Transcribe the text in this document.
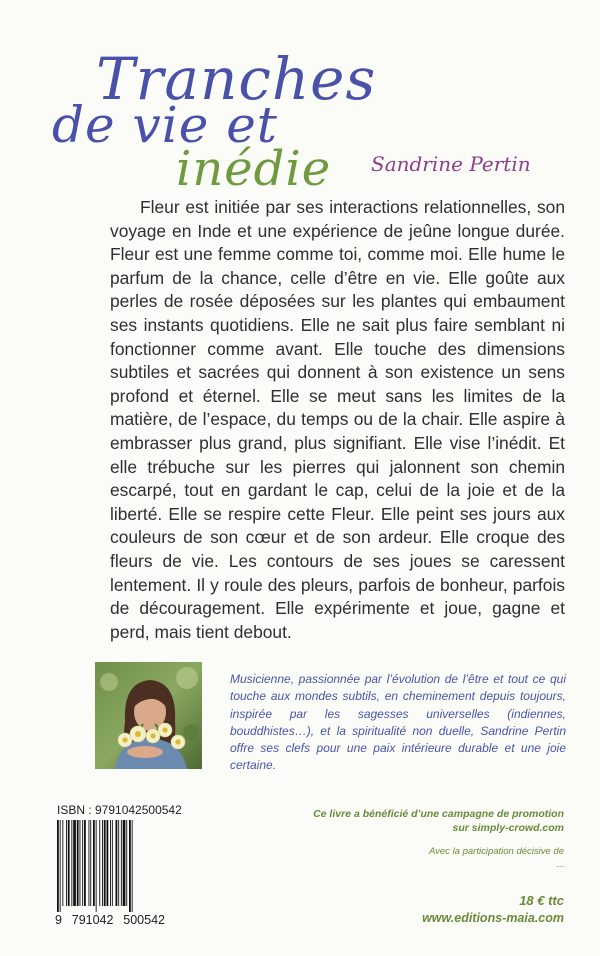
Tranches
de vie et
inédie Sandrine Pertin

Fleur est initiée par ses interactions relationnelles, son voyage en Inde et une expérience de jeûne longue durée. Fleur est une femme comme toi, comme moi. Elle hume le parfum de la chance, celle d’être en vie. Elle goûte aux perles de rosée déposées sur les plantes qui embaument ses instants quotidiens. Elle ne sait plus faire semblant ni fonctionner comme avant. Elle touche des dimensions subtiles et sacrées qui donnent à son existence un sens profond et éternel. Elle se meut sans les limites de la matière, de l’espace, du temps ou de la chair. Elle aspire à embrasser plus grand, plus signifiant. Elle vise l’inédit. Et elle trébuche sur les pierres qui jalonnent son chemin escarpé, tout en gardant le cap, celui de la joie et de la liberté. Elle se respire cette Fleur. Elle peint ses jours aux couleurs de son cœur et de son ardeur. Elle croque des fleurs de vie. Les contours de ses joues se caressent lentement. Il y roule des pleurs, parfois de bonheur, parfois de découragement. Elle expérimente et joue, gagne et perd, mais tient debout.

Musicienne, passionnée par l’évolution de l’être et tout ce qui touche aux mondes subtils, en cheminement depuis toujours, inspirée par les sagesses universelles (indiennes, bouddhistes…), et la spiritualité non duelle, Sandrine Pertin offre ses clefs pour une paix intérieure durable et une joie certaine.

ISBN : 9791042500542
9 791042 500542
Ce livre a bénéficié d’une campagne de promotion
sur simply-crowd.com
Avec la participation décisive de
...
18 € ttc
www.editions-maia.com
